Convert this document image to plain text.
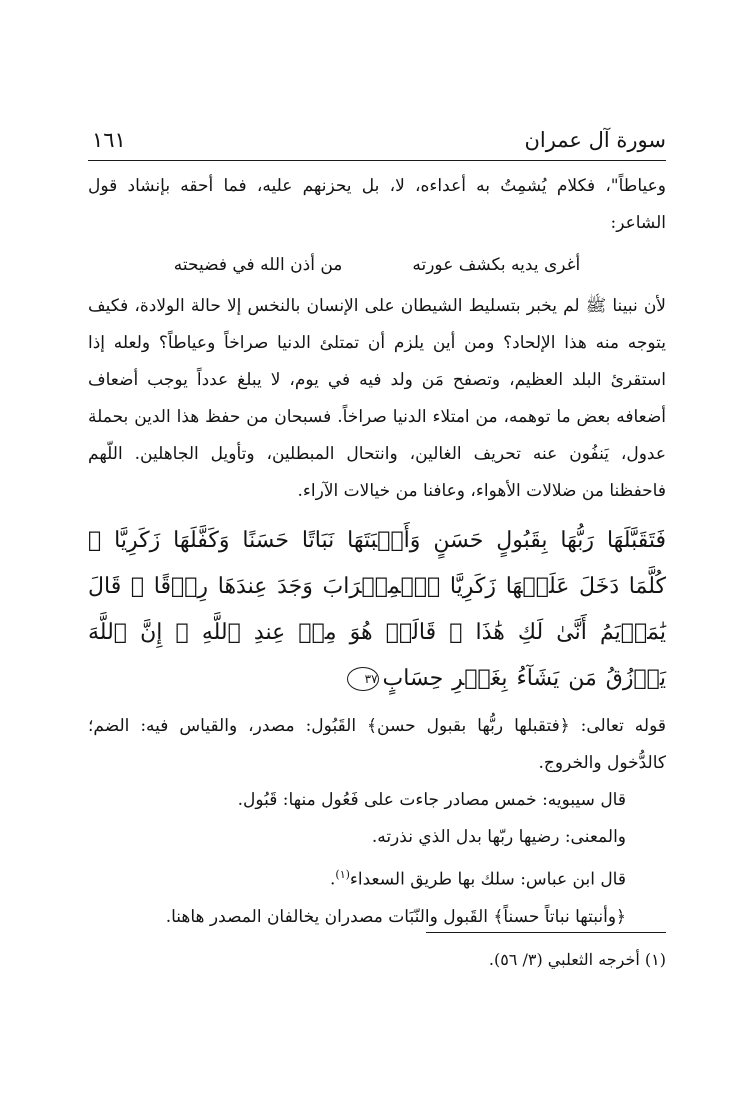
سورة آل عمران
١٦١

وعياطاً"، فكلام يُشمِتُ به أعداءه، لا، بل يحزنهم عليه، فما أحقه بإنشاد قول الشاعر:

أغرى يديه بكشف عورته
من أذن الله في فضيحته

لأن نبينا ﷺ لم يخبر بتسليط الشيطان على الإنسان بالنخس إلا حالة الولادة، فكيف يتوجه منه هذا الإلحاد؟ ومن أين يلزم أن تمتلئ الدنيا صراخاً وعياطاً؟ ولعله إذا استقرئ البلد العظيم، وتصفح مَن ولد فيه في يوم، لا يبلغ عدداً يوجب أضعاف أضعافه بعض ما توهمه، من امتلاء الدنيا صراخاً. فسبحان من حفظ هذا الدين بحملة عدول، يَنفُون عنه تحريف الغالين، وانتحال المبطلين، وتأويل الجاهلين. اللّهم فاحفظنا من ضلالات الأهواء، وعافنا من خيالات الآراء.

فَتَقَبَّلَهَا رَبُّهَا بِقَبُولٍ حَسَنٍ وَأَنۢبَتَهَا نَبَاتًا حَسَنًا وَكَفَّلَهَا زَكَرِيَّا ۖ كُلَّمَا دَخَلَ عَلَيۡهَا زَكَرِيَّا ٱلۡمِحۡرَابَ وَجَدَ عِندَهَا رِزۡقًا ۖ قَالَ يَٰمَرۡيَمُ أَنَّىٰ لَكِ هَٰذَا ۖ قَالَتۡ هُوَ مِنۡ عِندِ ٱللَّهِ ۖ إِنَّ ٱللَّهَ يَرۡزُقُ مَن يَشَآءُ بِغَيۡرِ حِسَابٍ٣٧

قوله تعالى: ﴿فتقبلها ربُّها بقبول حسن﴾ القَبُول: مصدر، والقياس فيه: الضم؛ كالدُّخول والخروج.

قال سيبويه: خمس مصادر جاءت على فَعُول منها: قَبُول.

والمعنى: رضيها ربّها بدل الذي نذرته.

قال ابن عباس: سلك بها طريق السعداء$^{(١)}$.

﴿وأنبتها نباتاً حسناً﴾ القَبول والنّبَات مصدران يخالفان المصدر هاهنا.

(١) أخرجه الثعلبي (٣/ ٥٦).
